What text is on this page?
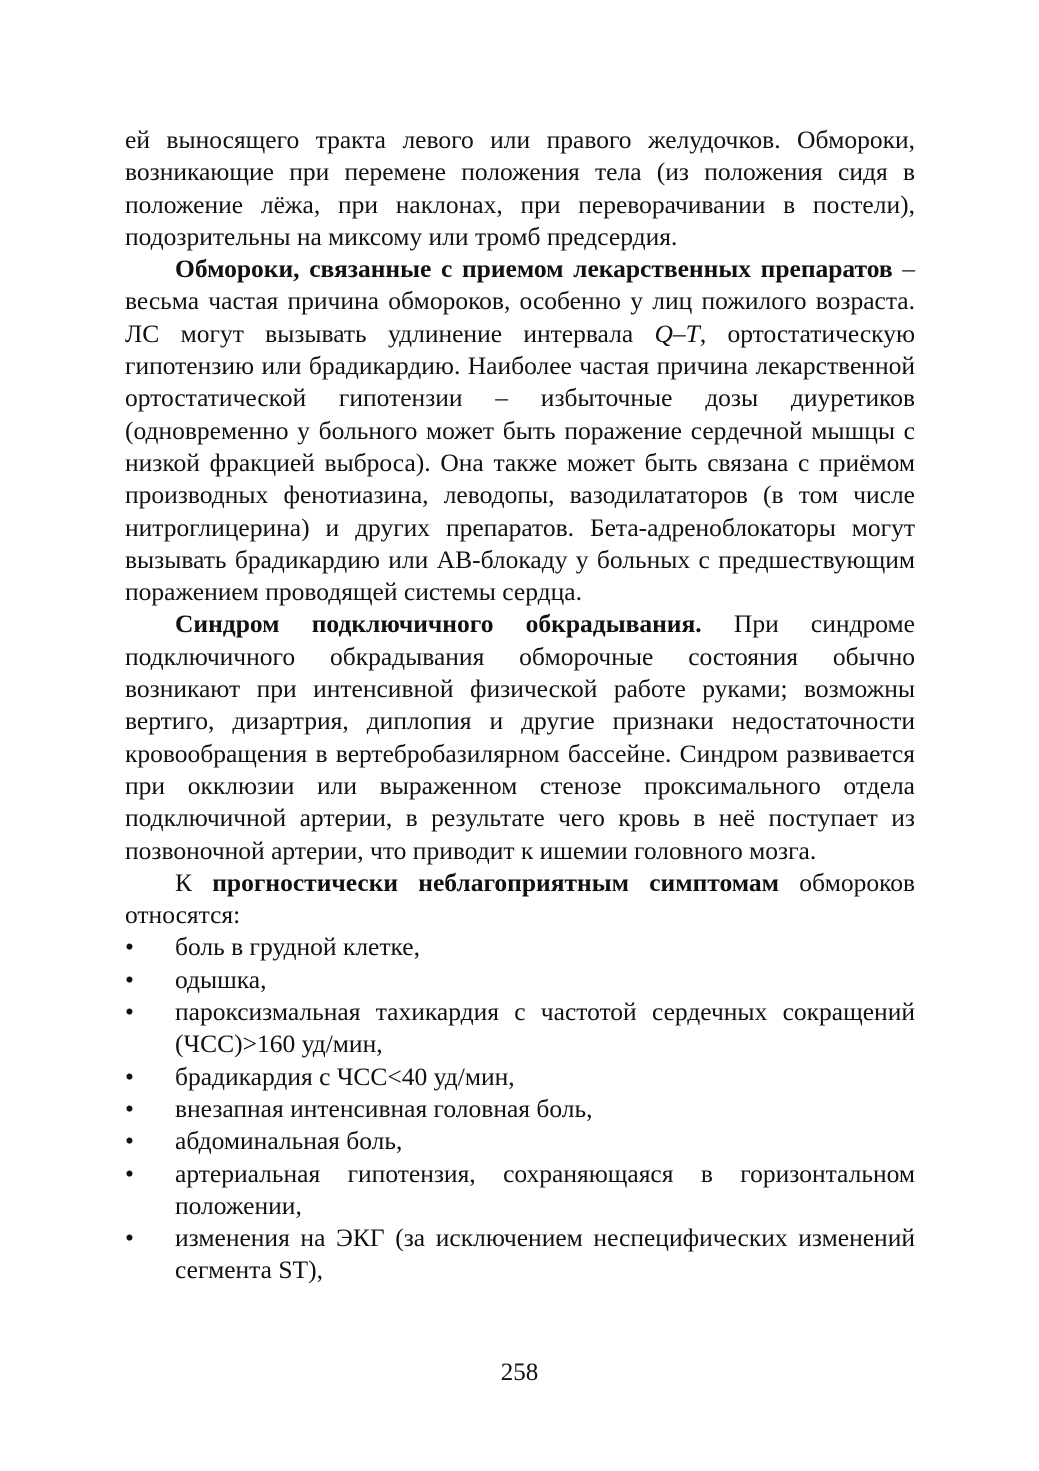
ей выносящего тракта левого или правого желудочков. Обмороки, возникающие при перемене положения тела (из положения сидя в положение лёжа, при наклонах, при переворачивании в постели), подозрительны на миксому или тромб предсердия.

Обмороки, связанные с приемом лекарственных препаратов – весьма частая причина обмороков, особенно у лиц пожилого возраста. ЛС могут вызывать удлинение интервала Q–T, ортостатическую гипотензию или брадикардию. Наиболее частая причина лекарственной ортостатической гипотензии – избыточные дозы диуретиков (одновременно у больного может быть поражение сердечной мышцы с низкой фракцией выброса). Она также может быть связана с приёмом производных фенотиазина, леводопы, вазодилататоров (в том числе нитроглицерина) и других препаратов. Бета-адреноблокаторы могут вызывать брадикардию или АВ-блокаду у больных с предшествующим поражением проводящей системы сердца.

Синдром подключичного обкрадывания. При синдроме подключичного обкрадывания обморочные состояния обычно возникают при интенсивной физической работе руками; возможны вертиго, дизартрия, диплопия и другие признаки недостаточности кровообращения в вертебробазилярном бассейне. Синдром развивается при окклюзии или выраженном стенозе проксимального отдела подключичной артерии, в результате чего кровь в неё поступает из позвоночной артерии, что приводит к ишемии головного мозга.

К прогностически неблагоприятным симптомам обмороков относятся:

• боль в грудной клетке,
• одышка,
• пароксизмальная тахикардия с частотой сердечных сокращений (ЧСС)>160 уд/мин,
• брадикардия с ЧСС<40 уд/мин,
• внезапная интенсивная головная боль,
• абдоминальная боль,
• артериальная гипотензия, сохраняющаяся в горизонтальном положении,
• изменения на ЭКГ (за исключением неспецифических изменений сегмента ST),
258
